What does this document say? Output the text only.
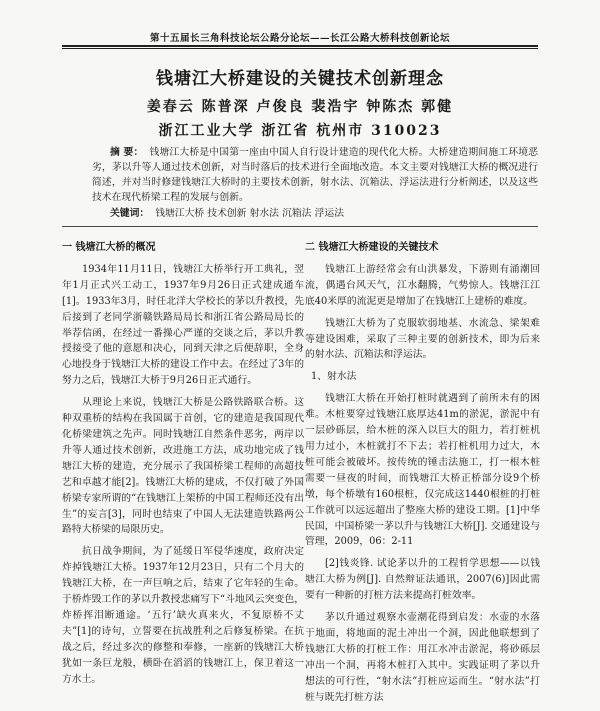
第十五届长三角科技论坛公路分论坛——长江公路大桥科技创新论坛
钱塘江大桥建设的关键技术创新理念
姜春云 陈普深 卢俊良 裴浩宇 钟陈杰 郭健
浙江工业大学 浙江省 杭州市 310023
摘 要： 钱塘江大桥是中国第一座由中国人自行设计建造的现代化大桥。大桥建造期间施工环境恶劣，茅以升等人通过技术创新，对当时落后的技术进行全面地改造。本文主要对钱塘江大桥的概况进行简述，并对当时修建钱塘江大桥时的主要技术创新，射水法、沉箱法、浮运法进行分析阐述，以及这些技术在现代桥梁工程的发展与创新。
关键词： 钱塘江大桥 技术创新 射水法 沉箱法 浮运法
一 钱塘江大桥的概况

1934年11月11日，钱塘江大桥举行开工典礼，翌年1月正式兴工动工，1937年9月26日正式建成通车[1]。1933年3月，时任北洋大学校长的茅以升教授，先后接到了老同学浙赣铁路局局长和浙江省公路局局长的举荐信函，在经过一番操心严谨的交谈之后，茅以升教授接受了他的意愿和决心，同到天津之后便辞职，全身心地投身于钱塘江大桥的建设工作中去。在经过了3年的努力之后，钱塘江大桥于9月26日正式通行。

从理论上来说，钱塘江大桥是公路铁路联合桥。这种双重桥的结构在我国属于首创，它的建造是我国现代化桥梁建筑之先声。同时钱塘江自然条件恶劣，两岸以升等人通过技术创新，改进施工方法，成功地完成了钱塘江大桥的建造，充分展示了我国桥梁工程师的高超技艺和卓越才能[2]。钱塘江大桥的建成，不仅打破了外国桥梁专家所谓的“在钱塘江上架桥的中国工程师还没有出生”的妄言[3]，同时也结束了中国人无法建造铁路两公路特大桥梁的局限历史。

抗日战争期间，为了延缓日军侵华速度，政府决定炸掉钱塘江大桥。1937年12月23日，只有二个月大的钱塘江大桥，在一声巨响之后，结束了它年轻的生命。于桥炸毁工作的茅以升教授悲痛写下“斗地风云突变色，炸桥挥泪断通途。‘五行’缺火真来火，不复原桥不丈夫”[1]的诗句，立誓要在抗战胜利之后修复桥梁。在抗战之后，经过多次的修整和奉修，一座新的钱塘江大桥犹如一条巨龙般，横卧在滔滔的钱塘江上，保卫着这一方水土。

二 钱塘江大桥建设的关键技术

钱塘江上游经常会有山洪暴发，下游则有涌潮回流，偶遇台风天气，江水翻腾，气势惊人。钱塘江江底40米厚的流泥更是增加了在钱塘江上建桥的难度。

钱塘江大桥为了克服软弱地基、水流急、梁架难等建设困难，采取了三种主要的创新技术，即为后来的射水法、沉箱法和浮运法。

1、射水法

钱塘江大桥在开始打桩时就遇到了前所未有的困难。木桩要穿过钱塘江底厚达41m的淤泥，淤泥中有一层砂砾层，给木桩的深入以巨大的阻力，若打桩机用力过小，木桩就打不下去；若打桩机用力过大，木桩可能会被破坏。按传统的锤击法施工，打一根木桩需要一昼夜的时间，而钱塘江大桥正桥部分设9个桥墩，每个桥墩有160根桩，仅完成这1440根桩的打桩工作就可以远远超出了整座大桥的建设工期。[1]中华民国，中国桥梁一茅以升与钱塘江大桥[J]. 交通建设与管理，2009，06：2-11

[2]钱炎锋. 试论茅以升的工程哲学思想——以钱塘江大桥为例[J]. 自然辩证法通讯，2007(6)]因此需要有一种新的打桩方法来提高打桩效率。

茅以升通过观察水壶潮花得到启发：水壶的水落于地面，将地面的泥土冲出一个洞，因此他联想到了钱塘江大桥的打桩工作：用江水冲击淤泥，将砂砾层冲出一个洞，再将木桩打入其中。实践证明了茅以升想法的可行性，“射水法”打桩应运而生。“射水法”打桩与既先打桩方法
